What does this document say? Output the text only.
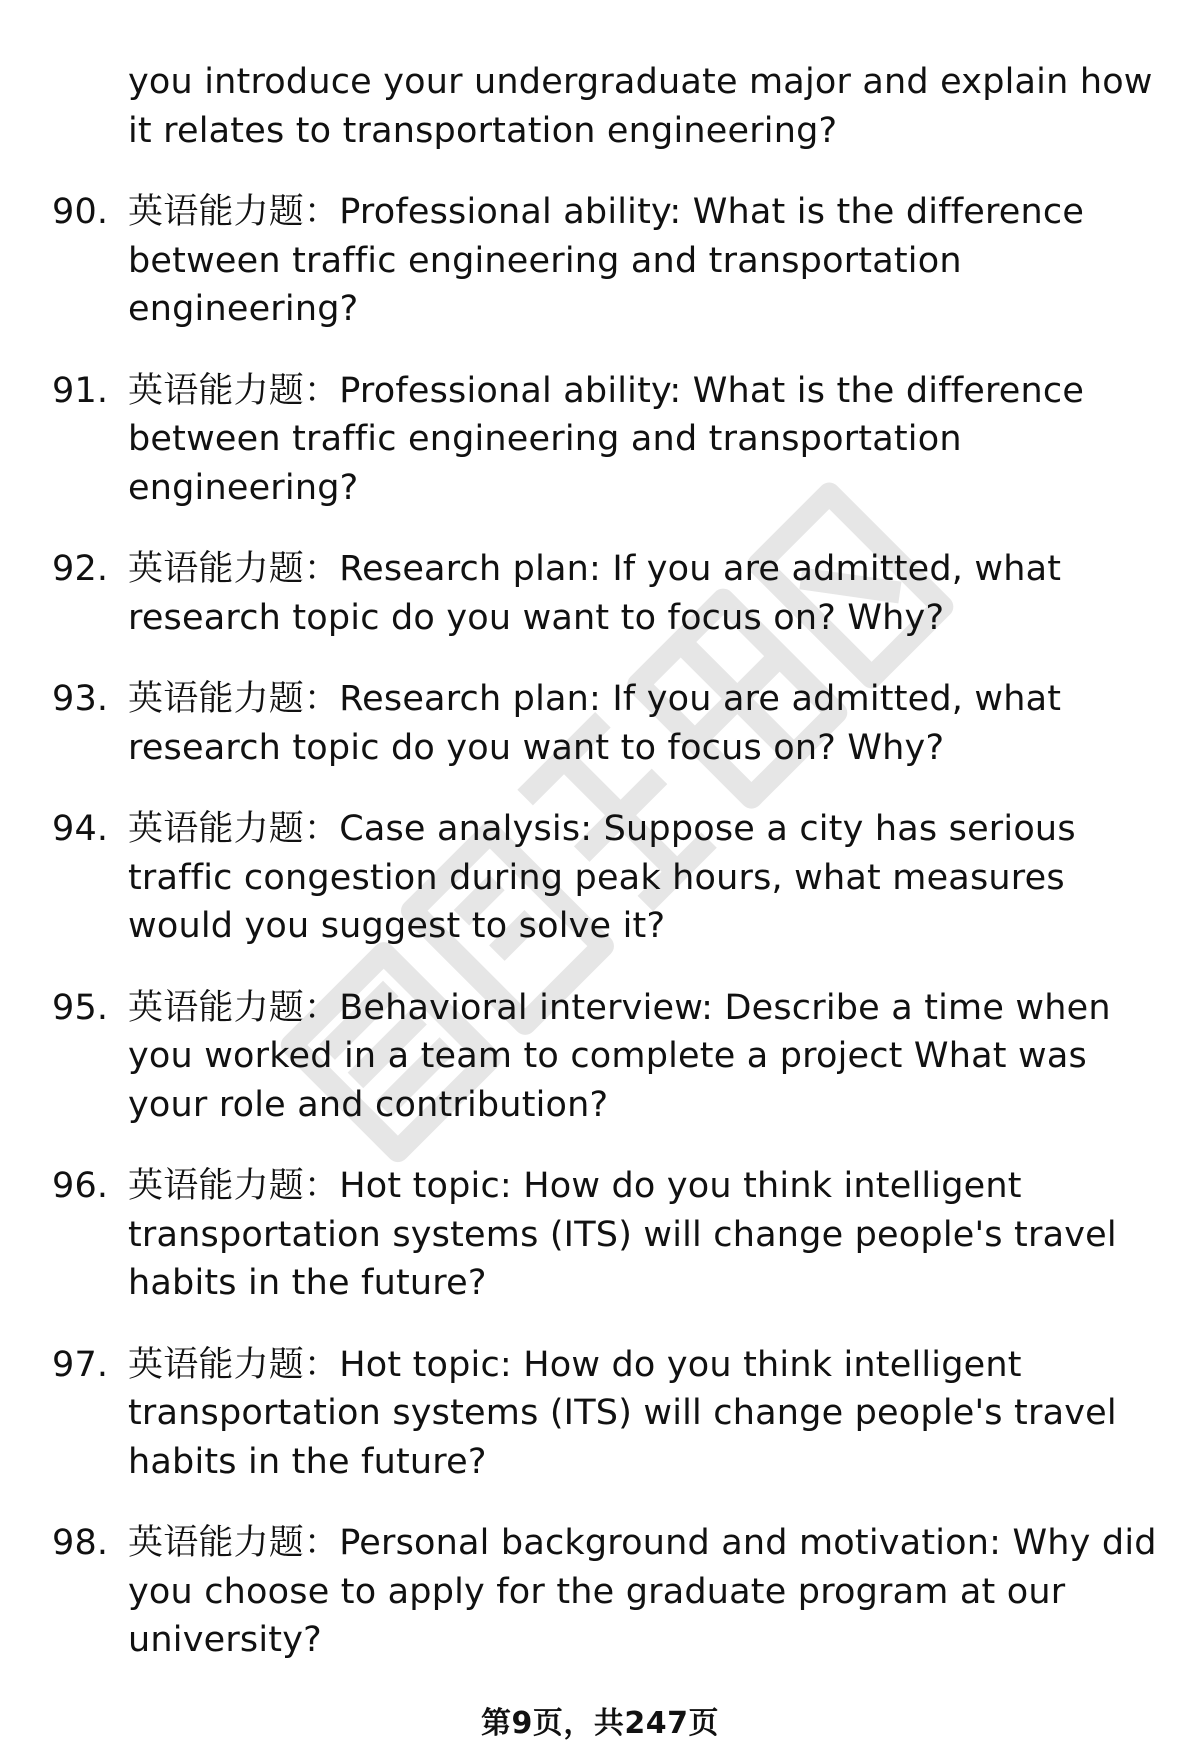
you introduce your undergraduate major and explain how it relates to transportation engineering?
90. 英语能力题：Professional ability: What is the difference between traffic engineering and transportation engineering?
91. 英语能力题：Professional ability: What is the difference between traffic engineering and transportation engineering?
92. 英语能力题：Research plan: If you are admitted, what research topic do you want to focus on? Why?
93. 英语能力题：Research plan: If you are admitted, what research topic do you want to focus on? Why?
94. 英语能力题：Case analysis: Suppose a city has serious traffic congestion during peak hours, what measures would you suggest to solve it?
95. 英语能力题：Behavioral interview: Describe a time when you worked in a team to complete a project What was your role and contribution?
96. 英语能力题：Hot topic: How do you think intelligent transportation systems (ITS) will change people's travel habits in the future?
97. 英语能力题：Hot topic: How do you think intelligent transportation systems (ITS) will change people's travel habits in the future?
98. 英语能力题：Personal background and motivation: Why did you choose to apply for the graduate program at our university?
第9页，共247页
